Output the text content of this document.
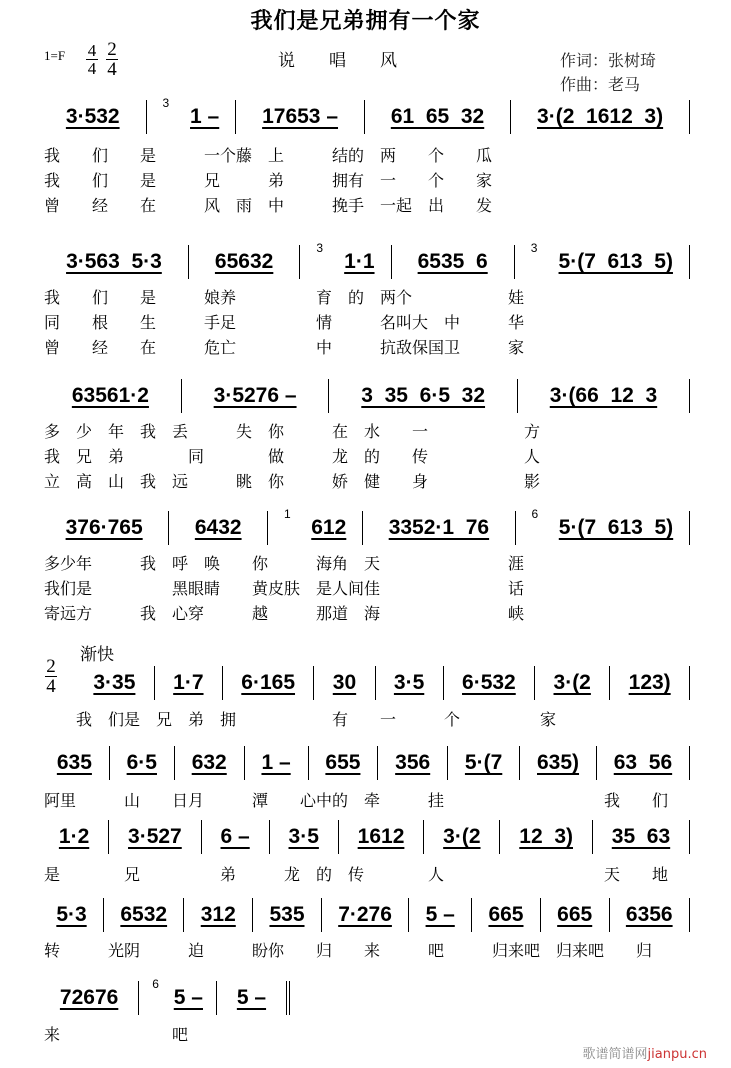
我们是兄弟拥有一个家
1=F 4
4
2
4	说　　唱　　风	作词：张树琦
作曲：老马
渐快
2
4
3·532
3
1 – 17653 –	61  65  32	3·(2  1612  3)
我　　们　　是　　　一个藤　上　　　结的　两　　个　　瓜
我　　们　　是　　　兄　　　弟　　　拥有　一　　个　　家
曾　　经　　在　　　风　雨　中　　　挽手　一起　出　　发
3·563  5·3	65632
3
1·1 6535  6
3
5·(7  613  5)
我　　们　　是　　　娘养　　　　　育　的　两个　　　　　　娃
同　　根　　生　　　手足　　　　　情　　　名叫大　中　　　华
曾　　经　　在　　　危亡　　　　　中　　　抗敌保国卫　　　家
63561·2	3·5276 –	3  35  6·5  32	3·(66  12  3
多　少　年　我　丢　　　失　你　　　在　水　　一　　　　　　方
我　兄　弟　　　　同　　　　做　　　龙　的　　传　　　　　　人
立　高　山　我　远　　　眺　你　　　娇　健　　身　　　　　　影
376·765 6432
1
612 3352·1  76
6
5·(7  613  5)
多少年　　　我　呼　唤　　你　　　海角　天　　　　　　　　涯
我们是　　　　　黑眼睛　　黄皮肤　是人间佳　　　　　　　　话
寄远方　　　我　心穿　　　越　　　那道　海　　　　　　　　峡
3·35 1·7 6·165 30 3·5 6·532 3·(2 123)
　　我　们是　兄　弟　拥　　　　　　有　　一　　　个　　　　　家
635 6·5 632 1 – 655 356 5·(7 635) 63  56
阿里　　　山　　日月　　　潭　　心中的　牵　　　挂　　　　　　　　　　我　　们
1·2 3·527 6 – 3·5 1612 3·(2 12  3) 35  63
是　　　　兄　　　　　弟　　　龙　的　传　　　　人　　　　　　　　　　天　　地
5·3 6532 312 535 7·276 5 – 665 665 6356
转　　　光阴　　　迫　　　盼你　　归　　来　　　吧　　　归来吧　归来吧　　归
72676
6
5 – 5 –
来　　　　　　　吧
歌谱简谱网jianpu.cn
